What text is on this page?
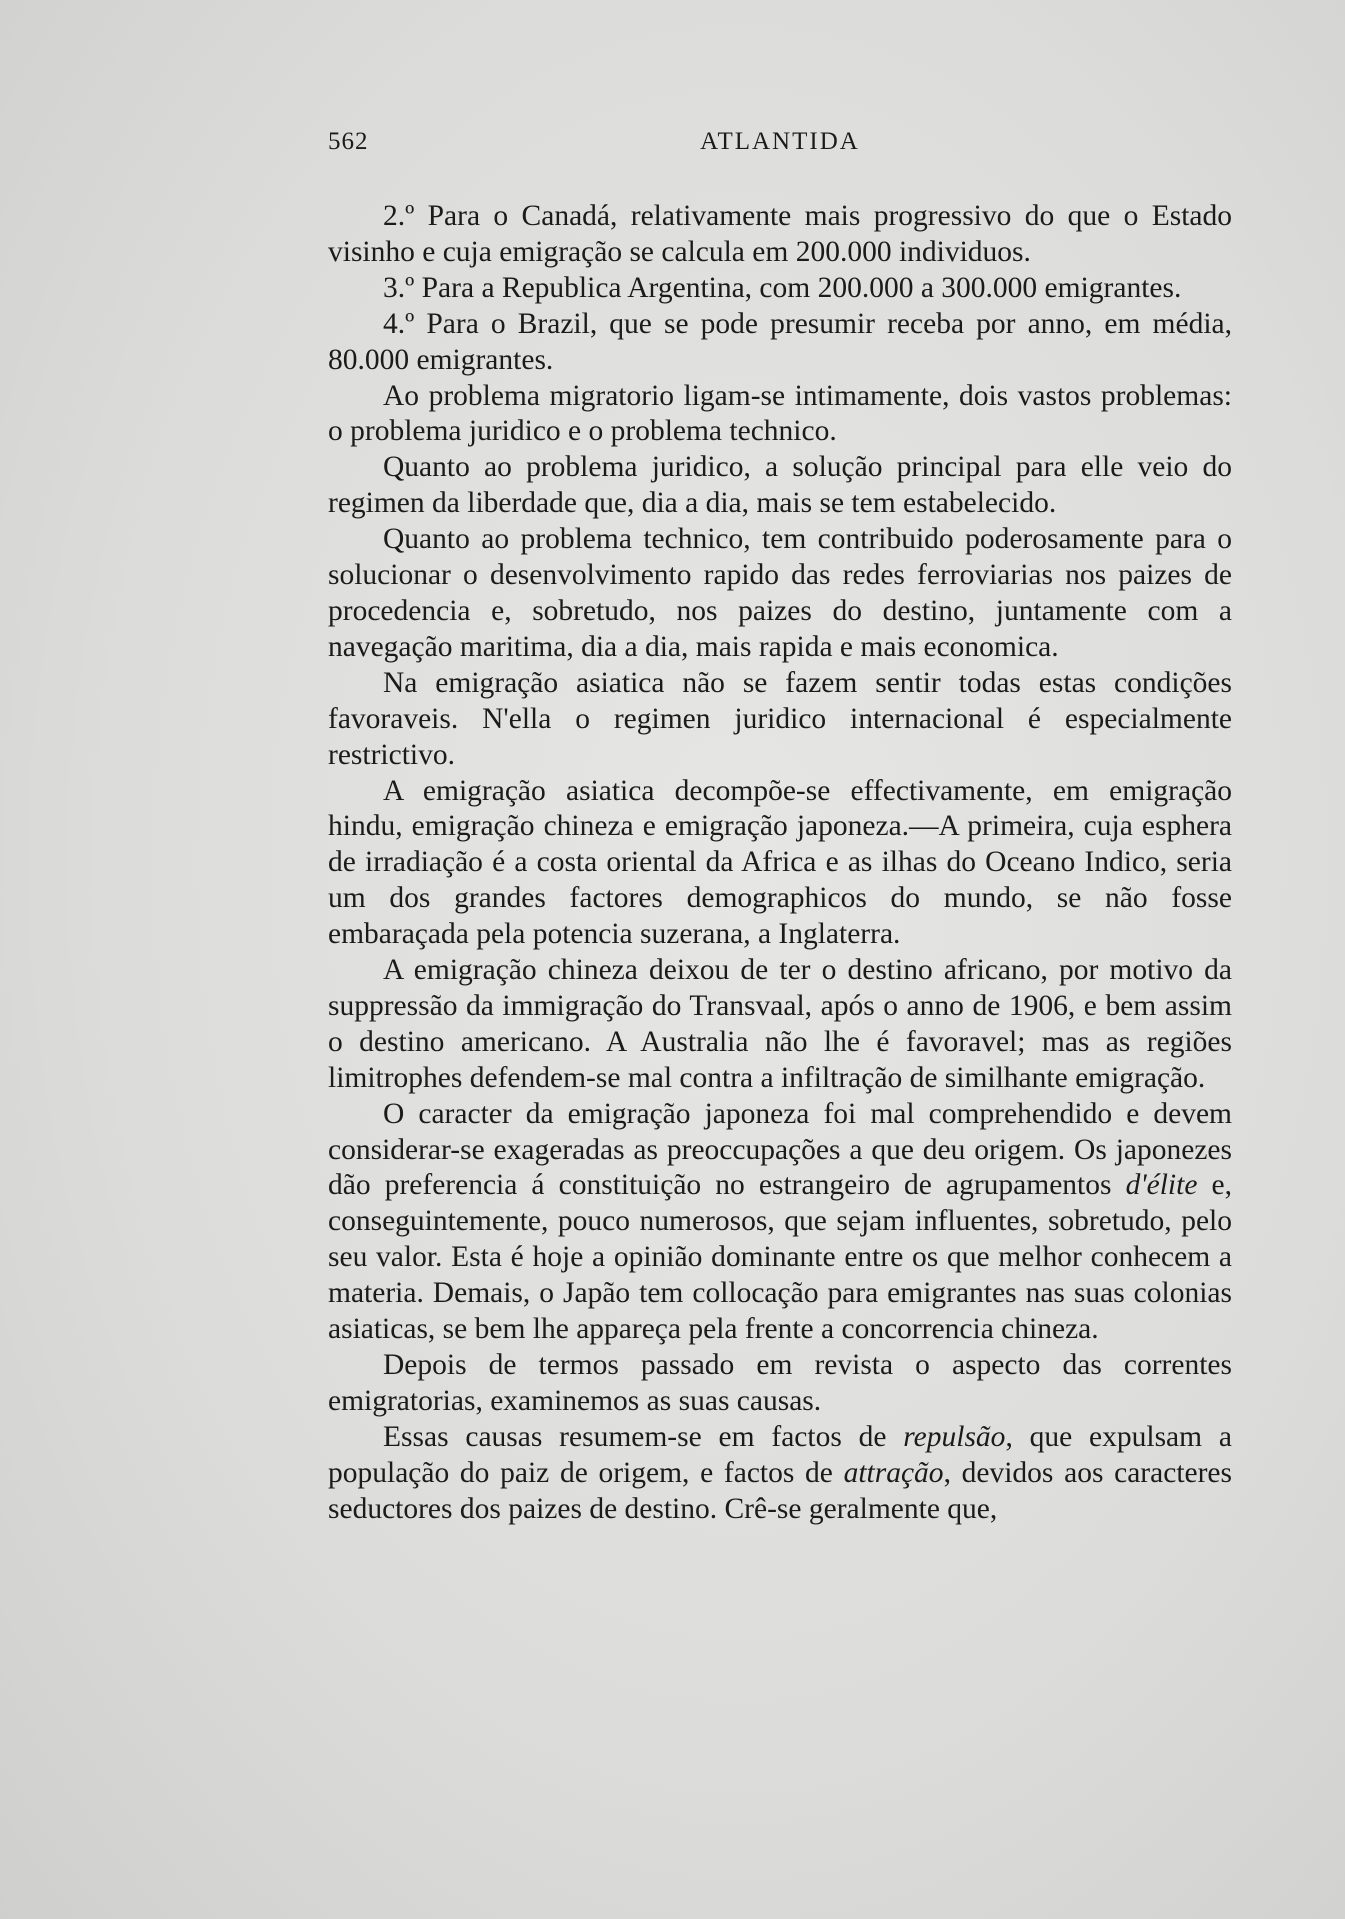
562	ATLANTIDA

2.º Para o Canadá, relativamente mais progressivo do que o Estado visinho e cuja emigração se calcula em 200.000 individuos.

3.º Para a Republica Argentina, com 200.000 a 300.000 emigrantes.

4.º Para o Brazil, que se pode presumir receba por anno, em média, 80.000 emigrantes.

Ao problema migratorio ligam-se intimamente, dois vastos problemas: o problema juridico e o problema technico.

Quanto ao problema juridico, a solução principal para elle veio do regimen da liberdade que, dia a dia, mais se tem estabelecido.

Quanto ao problema technico, tem contribuido poderosamente para o solucionar o desenvolvimento rapido das redes ferroviarias nos paizes de procedencia e, sobretudo, nos paizes do destino, juntamente com a navegação maritima, dia a dia, mais rapida e mais economica.

Na emigração asiatica não se fazem sentir todas estas condições favoraveis. N'ella o regimen juridico internacional é especialmente restrictivo.

A emigração asiatica decompõe-se effectivamente, em emigração hindu, emigração chineza e emigração japoneza.—A primeira, cuja esphera de irradiação é a costa oriental da Africa e as ilhas do Oceano Indico, seria um dos grandes factores demographicos do mundo, se não fosse embaraçada pela potencia suzerana, a Inglaterra.

A emigração chineza deixou de ter o destino africano, por motivo da suppressão da immigração do Transvaal, após o anno de 1906, e bem assim o destino americano. A Australia não lhe é favoravel; mas as regiões limitrophes defendem-se mal contra a infiltração de similhante emigração.

O caracter da emigração japoneza foi mal comprehendido e devem considerar-se exageradas as preoccupações a que deu origem. Os japonezes dão preferencia á constituição no estrangeiro de agrupamentos d'élite e, conseguintemente, pouco numerosos, que sejam influentes, sobretudo, pelo seu valor. Esta é hoje a opinião dominante entre os que melhor conhecem a materia. Demais, o Japão tem collocação para emigrantes nas suas colonias asiaticas, se bem lhe appareça pela frente a concorrencia chineza.

Depois de termos passado em revista o aspecto das correntes emigratorias, examinemos as suas causas.

Essas causas resumem-se em factos de repulsão, que expulsam a população do paiz de origem, e factos de attração, devidos aos caracteres seductores dos paizes de destino. Crê-se geralmente que,
